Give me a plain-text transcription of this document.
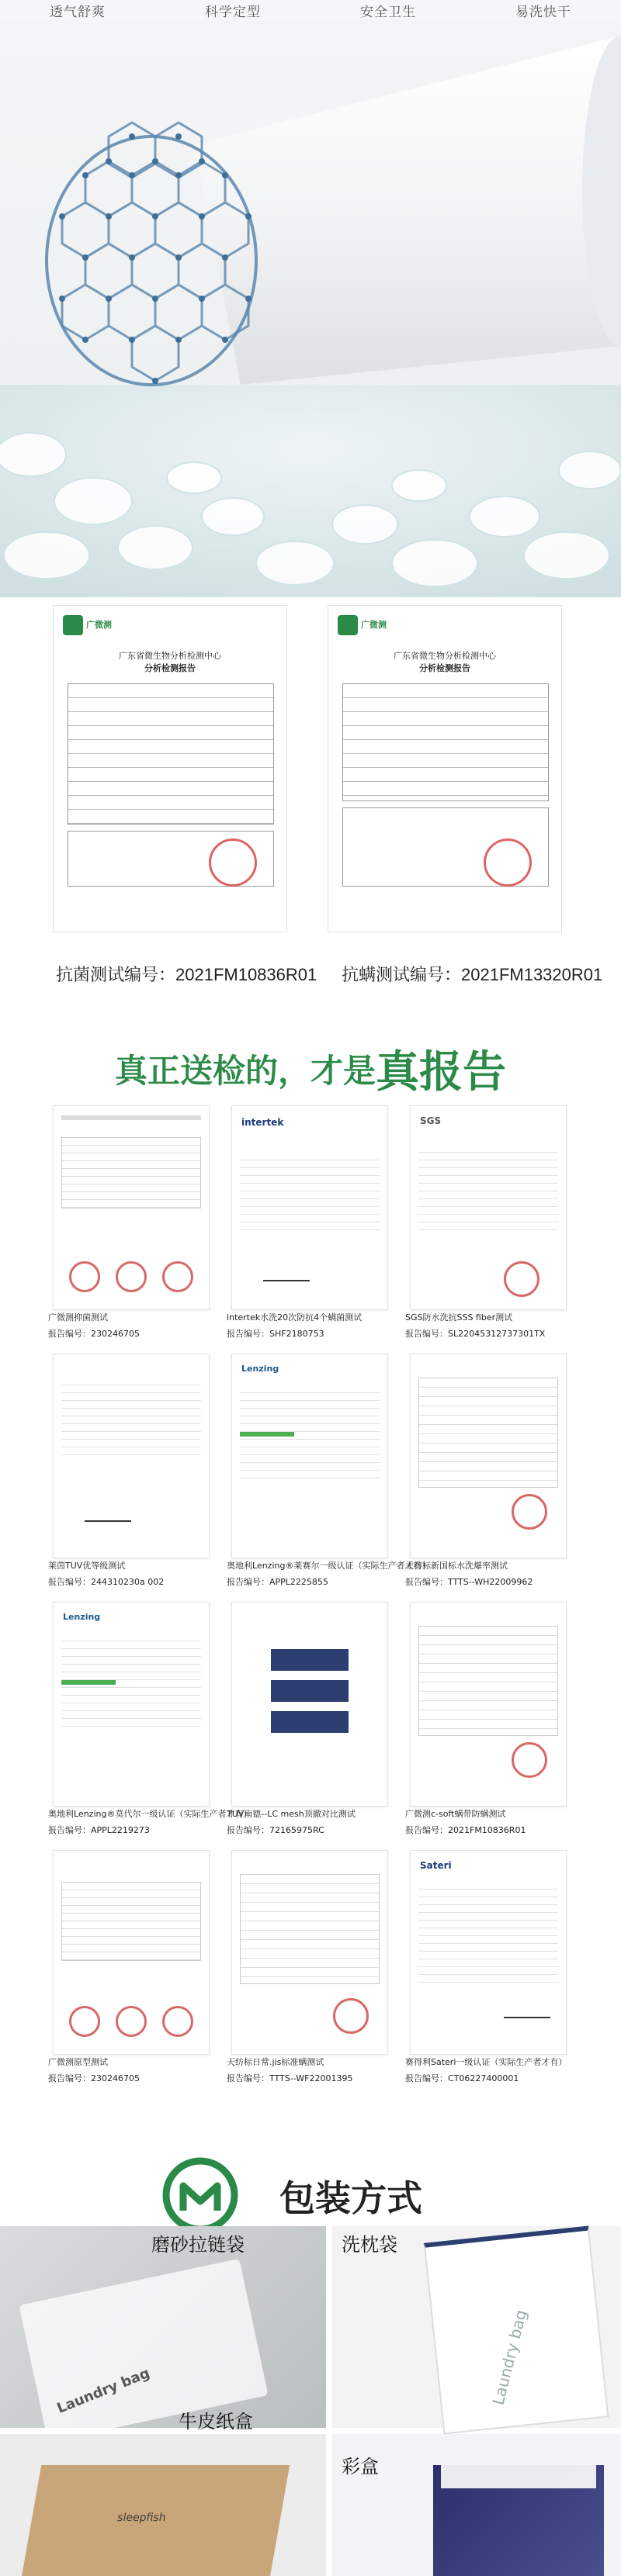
透气舒爽	科学定型	安全卫生	易洗快干
广微测
广东省微生物分析检测中心
分析检测报告
广微测
广东省微生物分析检测中心
分析检测报告
抗菌测试编号：2021FM10836R01 抗螨测试编号：2021FM13320R01
真正送检的，才是真报告
广微测抑菌测试
报告编号：230246705
intertek
intertek水洗20次防抗4个螨菌测试
报告编号：SHF2180753
SGS
SGS防水洗抗SSS fiber测试
报告编号：SL22045312737301TX
莱茵TUV优等级测试
报告编号：244310230a 002
Lenzing
奥地利Lenzing®莱赛尔一级认证（实际生产者才有）
报告编号：APPL2225855
天纺标新国标水洗爆率测试
报告编号：TTTS--WH22009962
Lenzing
奥地利Lenzing®莫代尔一级认证（实际生产者才有）
报告编号：APPL2219273
TUV南德--LC mesh顶撤对比测试
报告编号：72165975RC
广微测c-soft螨带防螨测试
报告编号：2021FM10836R01
广微测原型测试
报告编号：230246705
天纺标日常.jis标准螨测试
报告编号：TTTS--WF22001395
Sateri
赛得利Sateri一级认证（实际生产者才有）
报告编号：CT06227400001
包装方式
Laundry bag
磨砂拉链袋
Laundry bag
洗枕袋
sleepfish
牛皮纸盒
彩盒
